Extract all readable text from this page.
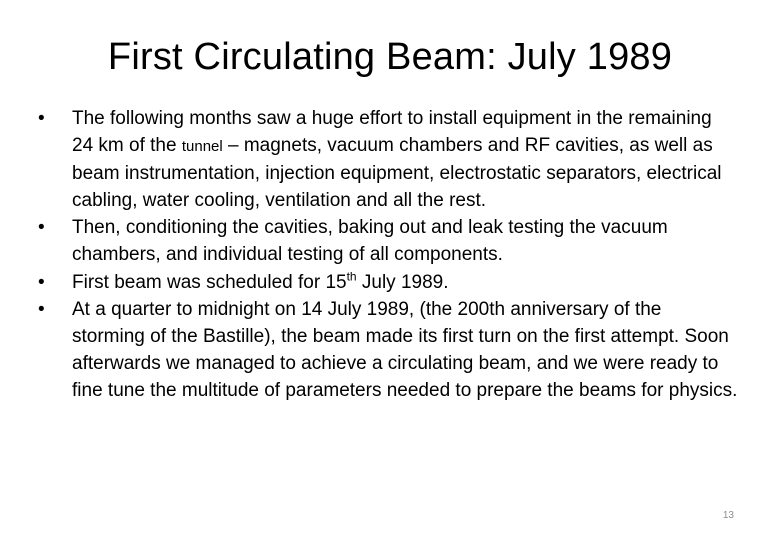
First Circulating Beam: July 1989
•	The following months saw a huge effort to install equipment in the remaining 24 km of the tunnel – magnets, vacuum chambers and RF cavities, as well as beam instrumentation, injection equipment, electrostatic separators, electrical cabling, water cooling, ventilation and all the rest.
•	Then, conditioning the cavities, baking out and leak testing the vacuum chambers, and individual testing of all components.
•	First beam was scheduled for 15th July 1989.
•	At a quarter to midnight on 14 July 1989, (the 200th anniversary of the storming of the Bastille), the beam made its first turn on the first attempt. Soon afterwards we managed to achieve a circulating beam, and we were ready to fine tune the multitude of parameters needed to prepare the beams for physics.
13
